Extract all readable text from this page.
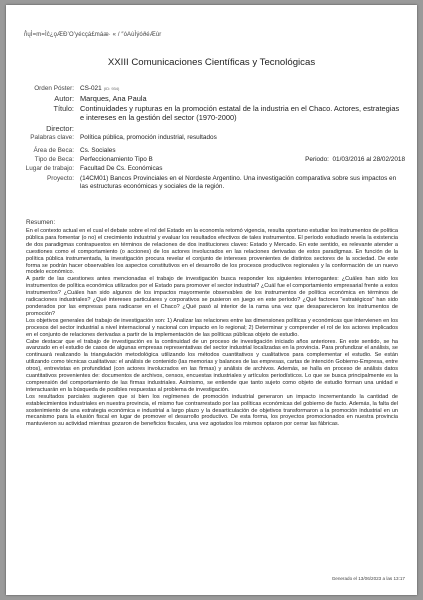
ñ́ųÌ=m=Ìĉ¿ǫÆÐ’Oʻyécçá£máæ· « / ″óAùÌýóðéÆùr
XXIII Comunicaciones Científicas y Tecnológicas
Orden Póster: CS-021 (ID: 934)
Autor: Marques, Ana Paula
Título: Continuidades y rupturas en la promoción estatal de la industria en el Chaco. Actores, estrategias e intereses en la gestión del sector (1970-2000)
Director:
Palabras clave: Política pública, promoción industrial, resultados
Área de Beca: Cs. Sociales
Tipo de Beca: Perfeccionamiento Tipo B	Periodo: 01/03/2016 al 28/02/2018
Lugar de trabajo: Facultad De Cs. Económicas
Proyecto: (14CM01) Bancos Provinciales en el Nordeste Argentino. Una investigación comparativa sobre sus impactos en las estructuras económicas y sociales de la región.
Resumen:

En el contexto actual en el cual el debate sobre el rol del Estado en la economía retomó vigencia, resulta oportuno estudiar los instrumentos de política pública para fomentar (o no) el crecimiento industrial y evaluar los resultados efectivos de tales instrumentos. El período estudiado revela la existencia de dos paradigmas contrapuestos en términos de relaciones de dos instituciones claves: Estado y Mercado. En este sentido, es relevante atender a cuestiones como el comportamiento (o acciones) de los actores involucrados en las relaciones derivadas de estos paradigmas. En función de la política pública instrumentada, la investigación procura revelar el conjunto de intereses provenientes de distintos sectores de la sociedad. De este forma se podrán hacer observables los aspectos constitutivos en el desarrollo de los procesos productivos regionales y la conformación de un nuevo modelo económico.

A partir de las cuestiones antes mencionadas el trabajo de investigación busca responder los siguientes interrogantes: ¿Cuáles han sido los instrumentos de política económica utilizados por el Estado para promover el sector industrial? ¿Cuál fue el comportamiento empresarial frente a estos instrumentos? ¿Cuáles han sido algunos de los impactos mayormente observables de los instrumentos de política económica en términos de radicaciones industriales? ¿Qué intereses particulares y corporativos se pusieron en juego en este período? ¿Qué factores “estratégicos” han sido ponderados por las empresas para radicarse en el Chaco? ¿Qué pasó al interior de la rama una vez que desaparecieron los instrumentos de promoción?

Los objetivos generales del trabajo de investigación son: 1) Analizar las relaciones entre las dimensiones políticas y económicas que intervienen en los procesos del sector industrial a nivel internacional y nacional con impacto en lo regional; 2) Determinar y comprender el rol de los actores implicados en el conjunto de relaciones derivadas a partir de la implementación de las políticas públicas objeto de estudio.

Cabe destacar que el trabajo de investigación es la continuidad de un proceso de investigación iniciado años anteriores. En este sentido, se ha avanzado en el estudio de casos de algunas empresas representativas del sector industrial localizadas en la provincia. Para profundizar el análisis, se continuará realizando la triangulación metodológica utilizando los métodos cuantitativos y cualitativos para complementar el estudio. Se están utilizando como técnicas cualitativas: el análisis de contenido (las memorias y balances de las empresas, cartas de intención Gobierno-Empresa, entre otros), entrevistas en profundidad (con actores involucrados en las firmas) y análisis de archivos. Además, se halla en proceso de análisis datos cuantitativos provenientes de: documentos de archivos, censos, encuestas industriales y artículos periodísticos. Lo que se busca principalmente es la comprensión del comportamiento de las firmas industriales. Asimismo, se entiende que tanto sujeto como objeto de estudio forman una unidad e interactuarán en la búsqueda de posibles respuestas al problema de investigación.

Los resultados parciales sugieren que si bien los regímenes de promoción industrial generaron un impacto incrementando la cantidad de establecimientos industriales en nuestra provincia, el mismo fue contrarrestado por las políticas económicas del gobierno de facto. Además, la falta del sostenimiento de una estrategia económica e industrial a largo plazo y la desarticulación de objetivos transformaron a la promoción industrial en un mecanismo para la elusión fiscal en lugar de promover el desarrollo productivo. De esta forma, los proyectos promocionados en nuestra provincia mantuvieron su actividad mientras gozaron de beneficios fiscales, una vez agotados los mismos optaron por cerrar las fábricas.

Generado el 13/06/2023 a las 13:17
